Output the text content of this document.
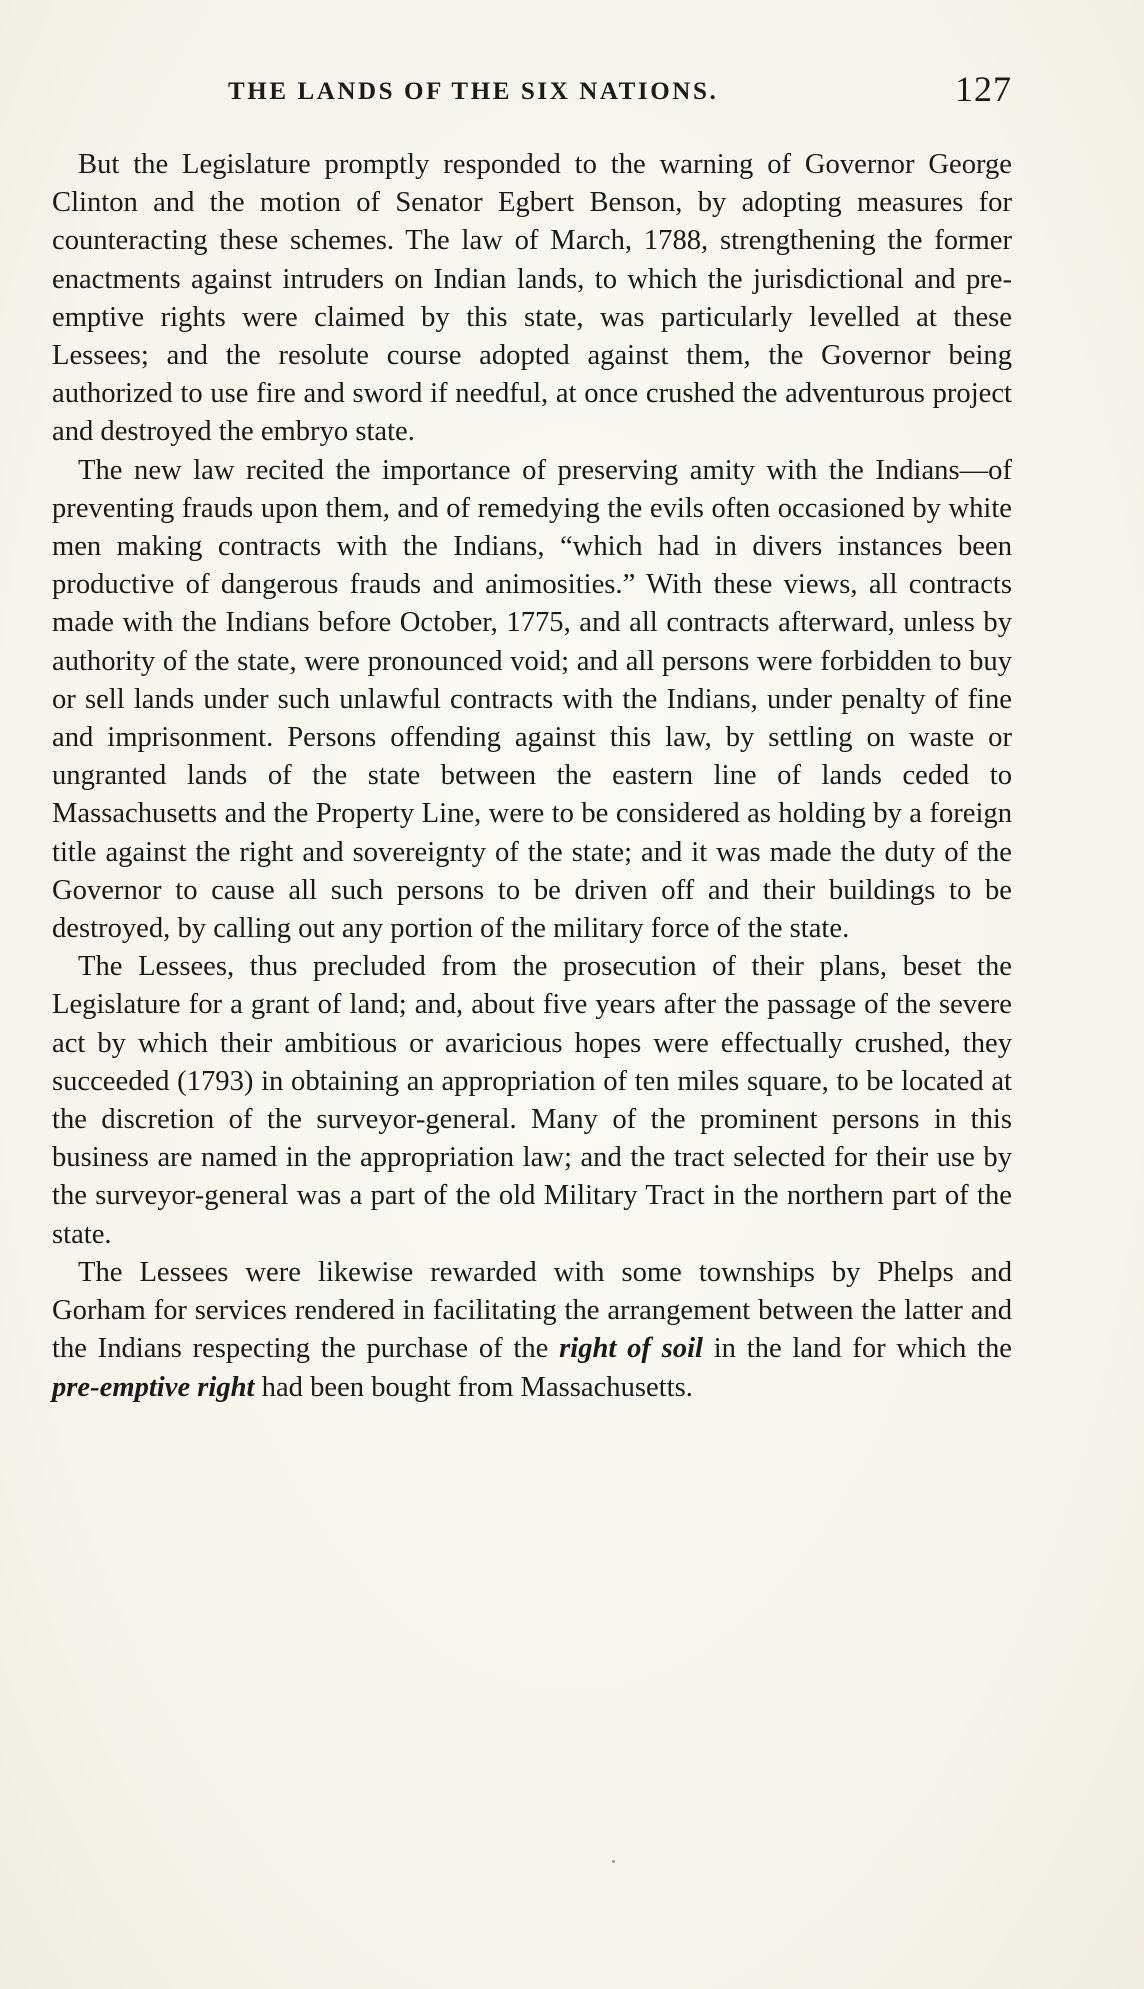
THE LANDS OF THE SIX NATIONS.	127

But the Legislature promptly responded to the warning of Governor George Clinton and the motion of Senator Egbert Benson, by adopting measures for counteracting these schemes. The law of March, 1788, strengthening the former enactments against intruders on Indian lands, to which the jurisdictional and pre-emptive rights were claimed by this state, was particularly levelled at these Lessees; and the resolute course adopted against them, the Governor being authorized to use fire and sword if needful, at once crushed the adventurous project and destroyed the embryo state.

The new law recited the importance of preserving amity with the Indians—of preventing frauds upon them, and of remedying the evils often occasioned by white men making contracts with the Indians, “which had in divers instances been productive of dangerous frauds and animosities.” With these views, all contracts made with the Indians before October, 1775, and all contracts afterward, unless by authority of the state, were pronounced void; and all persons were forbidden to buy or sell lands under such unlawful contracts with the Indians, under penalty of fine and imprisonment. Persons offending against this law, by settling on waste or ungranted lands of the state between the eastern line of lands ceded to Massachusetts and the Property Line, were to be considered as holding by a foreign title against the right and sovereignty of the state; and it was made the duty of the Governor to cause all such persons to be driven off and their buildings to be destroyed, by calling out any portion of the military force of the state.

The Lessees, thus precluded from the prosecution of their plans, beset the Legislature for a grant of land; and, about five years after the passage of the severe act by which their ambitious or avaricious hopes were effectually crushed, they succeeded (1793) in obtaining an appropriation of ten miles square, to be located at the discretion of the surveyor-general. Many of the prominent persons in this business are named in the appropriation law; and the tract selected for their use by the surveyor-general was a part of the old Military Tract in the northern part of the state.

The Lessees were likewise rewarded with some townships by Phelps and Gorham for services rendered in facilitating the arrangement between the latter and the Indians respecting the purchase of the right of soil in the land for which the pre-emptive right had been bought from Massachusetts.
